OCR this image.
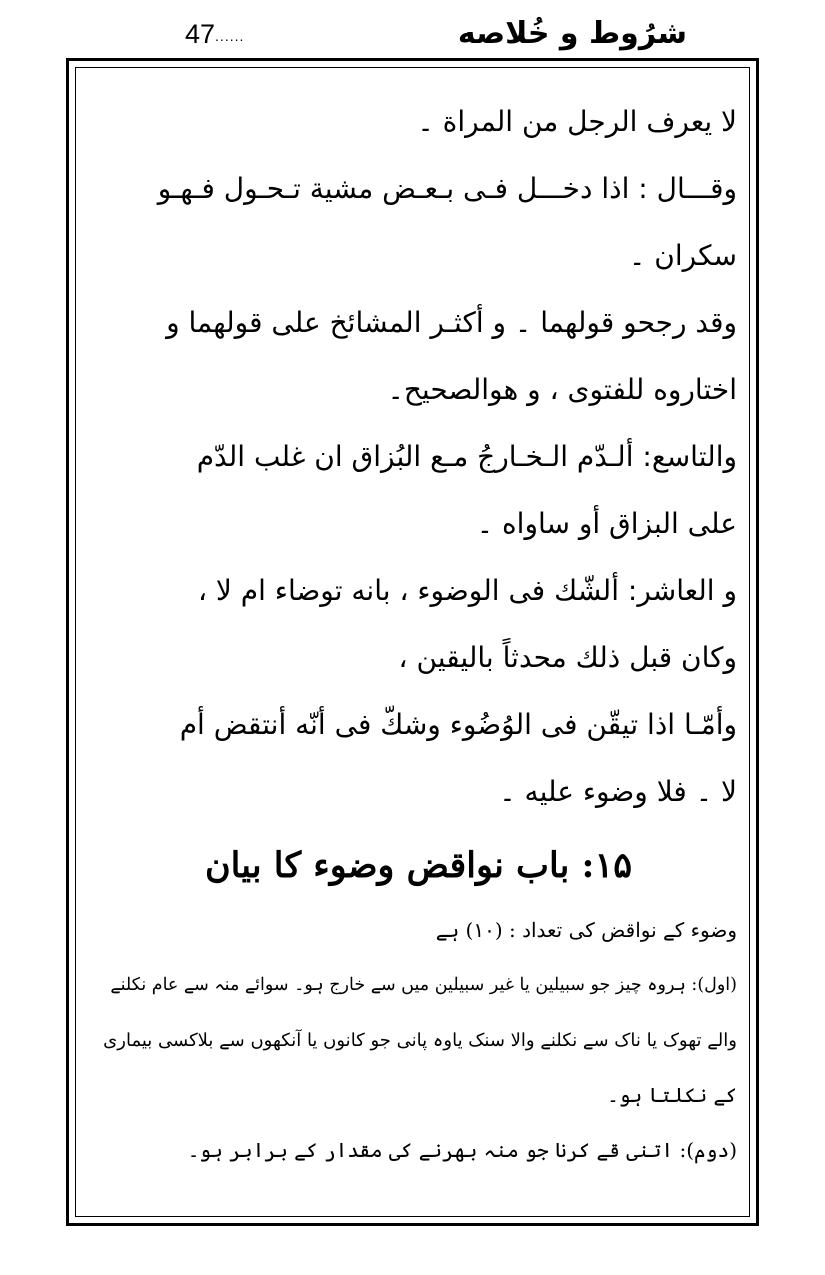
47......	شرُوط و خُلاصه
لا يعرف الرجل من المراة ۔
وقـــال : اذا دخـــل فـی بـعـض مشية تـحـول فـهـو
سكران ۔
وقد رجحو قولهما ۔ و أكثـر المشائخ على قولهما و
اختاروه للفتوی ، و هوالصحيح۔
والتاسع: ألـدّم الـخـارجُ مـع البُزاق ان غلب الدّم
على البزاق أو ساواه ۔
و العاشر: ألشّك فی الوضوء ، بانه توضاء ام لا ،
وكان قبل ذلك محدثاً باليقين ،
وأمّـا اذا تيقّن فی الوُضُوء وشكّ فی أنّه أنتقض أم
لا ۔ فلا وضوء عليه ۔
١۵: باب نواقض وضوء کا بیان
وضوء کے نواقض کی تعداد : (١٠) ہے
(اول): ہروہ چیز جو سبیلین یا غیر سبیلین میں سے خارج ہو۔ سوائے منہ سے عام نکلنے
والے تھوک یا ناک سے نکلنے والا سنک یاوہ پانی جو کانوں یا آنکھوں سے بلاکسی بیماری
کے نکلتا ہو۔
(دوم): اتنی قے کرنا جو منہ بھرنے کی مقدار کے برابر ہو۔
